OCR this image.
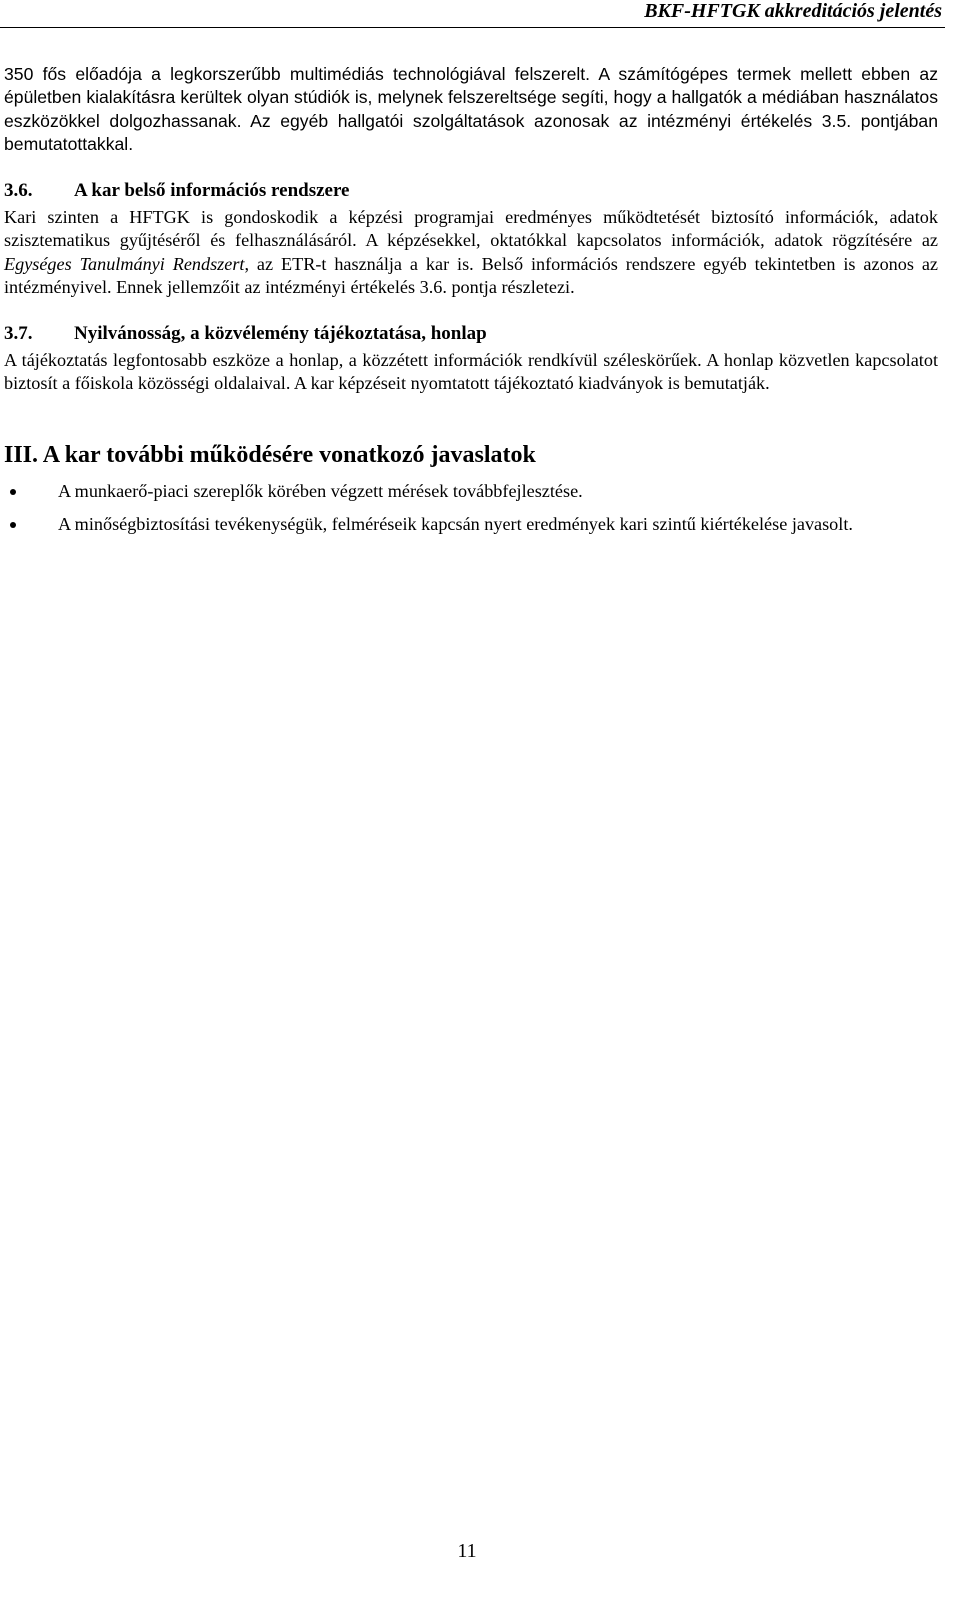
BKF-HFTGK akkreditációs jelentés

350 fős előadója a legkorszerűbb multimédiás technológiával felszerelt. A számítógépes termek mellett ebben az épületben kialakításra kerültek olyan stúdiók is, melynek felszereltsége segíti, hogy a hallgatók a médiában használatos eszközökkel dolgozhassanak. Az egyéb hallgatói szolgáltatások azonosak az intézményi értékelés 3.5. pontjában bemutatottakkal.

3.6. A kar belső információs rendszere

Kari szinten a HFTGK is gondoskodik a képzési programjai eredményes működtetését biztosító információk, adatok szisztematikus gyűjtéséről és felhasználásáról. A képzésekkel, oktatókkal kapcsolatos információk, adatok rögzítésére az Egységes Tanulmányi Rendszert, az ETR-t használja a kar is. Belső információs rendszere egyéb tekintetben is azonos az intézményivel. Ennek jellemzőit az intézményi értékelés 3.6. pontja részletezi.

3.7. Nyilvánosság, a közvélemény tájékoztatása, honlap

A tájékoztatás legfontosabb eszköze a honlap, a közzétett információk rendkívül széleskörűek. A honlap közvetlen kapcsolatot biztosít a főiskola közösségi oldalaival. A kar képzéseit nyomtatott tájékoztató kiadványok is bemutatják.

III. A kar további működésére vonatkozó javaslatok
A munkaerő-piaci szereplők körében végzett mérések továbbfejlesztése.
A minőségbiztosítási tevékenységük, felméréseik kapcsán nyert eredmények kari szintű kiértékelése javasolt.
11
